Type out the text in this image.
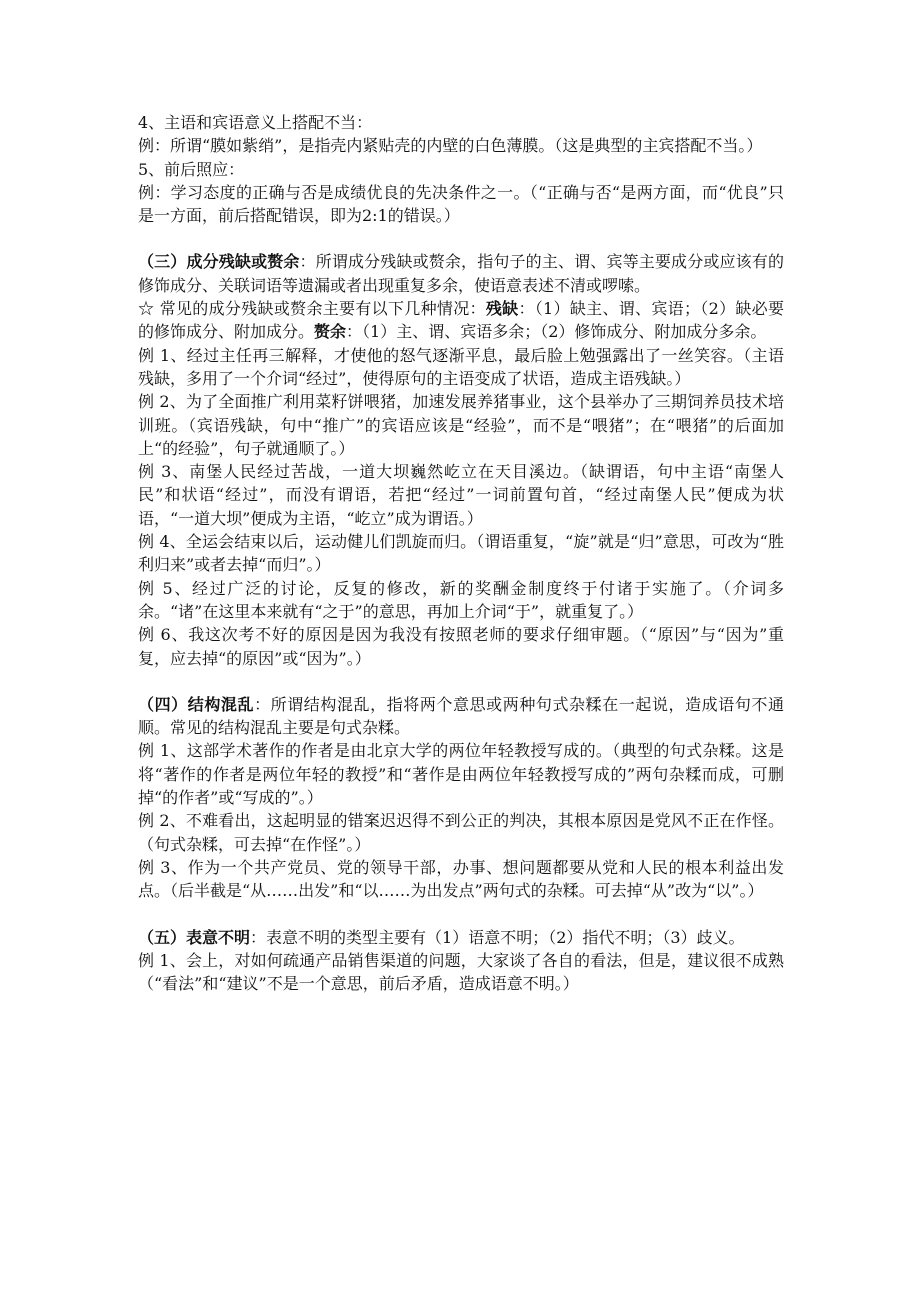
4、主语和宾语意义上搭配不当：

例：所谓“膜如紫绡”，是指壳内紧贴壳的内壁的白色薄膜。（这是典型的主宾搭配不当。）

5、前后照应：

例：学习态度的正确与否是成绩优良的先决条件之一。（“正确与否“是两方面，而“优良”只是一方面，前后搭配错误，即为2:1的错误。）

（三）成分残缺或赘余：所谓成分残缺或赘余，指句子的主、谓、宾等主要成分或应该有的修饰成分、关联词语等遗漏或者出现重复多余，使语意表述不清或啰嗦。

☆ 常见的成分残缺或赘余主要有以下几种情况：残缺：（1）缺主、谓、宾语；（2）缺必要的修饰成分、附加成分。赘余：（1）主、谓、宾语多余；（2）修饰成分、附加成分多余。

例 1、经过主任再三解释，才使他的怒气逐渐平息，最后脸上勉强露出了一丝笑容。（主语残缺，多用了一个介词“经过”，使得原句的主语变成了状语，造成主语残缺。）

例 2、为了全面推广利用菜籽饼喂猪，加速发展养猪事业，这个县举办了三期饲养员技术培训班。（宾语残缺，句中“推广”的宾语应该是“经验”，而不是“喂猪”；在“喂猪”的后面加上“的经验”，句子就通顺了。）

例 3、南堡人民经过苦战，一道大坝巍然屹立在天目溪边。（缺谓语，句中主语“南堡人民”和状语“经过”，而没有谓语，若把“经过”一词前置句首，“经过南堡人民”便成为状语，“一道大坝”便成为主语，“屹立”成为谓语。）

例 4、全运会结束以后，运动健儿们凯旋而归。（谓语重复，“旋”就是“归”意思，可改为“胜利归来”或者去掉“而归”。）

例 5、经过广泛的讨论，反复的修改，新的奖酬金制度终于付诸于实施了。（介词多余。“诸”在这里本来就有“之于”的意思，再加上介词“于”，就重复了。）

例 6、我这次考不好的原因是因为我没有按照老师的要求仔细审题。（“原因”与“因为”重复，应去掉“的原因”或“因为”。）

（四）结构混乱：所谓结构混乱，指将两个意思或两种句式杂糅在一起说，造成语句不通顺。常见的结构混乱主要是句式杂糅。

例 1、这部学术著作的作者是由北京大学的两位年轻教授写成的。（典型的句式杂糅。这是将“著作的作者是两位年轻的教授”和“著作是由两位年轻教授写成的”两句杂糅而成，可删掉“的作者”或“写成的”。）

例 2、不难看出，这起明显的错案迟迟得不到公正的判决，其根本原因是党风不正在作怪。（句式杂糅，可去掉“在作怪”。）

例 3、作为一个共产党员、党的领导干部，办事、想问题都要从党和人民的根本利益出发点。（后半截是“从……出发”和“以……为出发点”两句式的杂糅。可去掉“从”改为“以”。）

（五）表意不明：表意不明的类型主要有（1）语意不明；（2）指代不明；（3）歧义。

例 1、会上，对如何疏通产品销售渠道的问题，大家谈了各自的看法，但是，建议很不成熟（“看法”和“建议”不是一个意思，前后矛盾，造成语意不明。）
